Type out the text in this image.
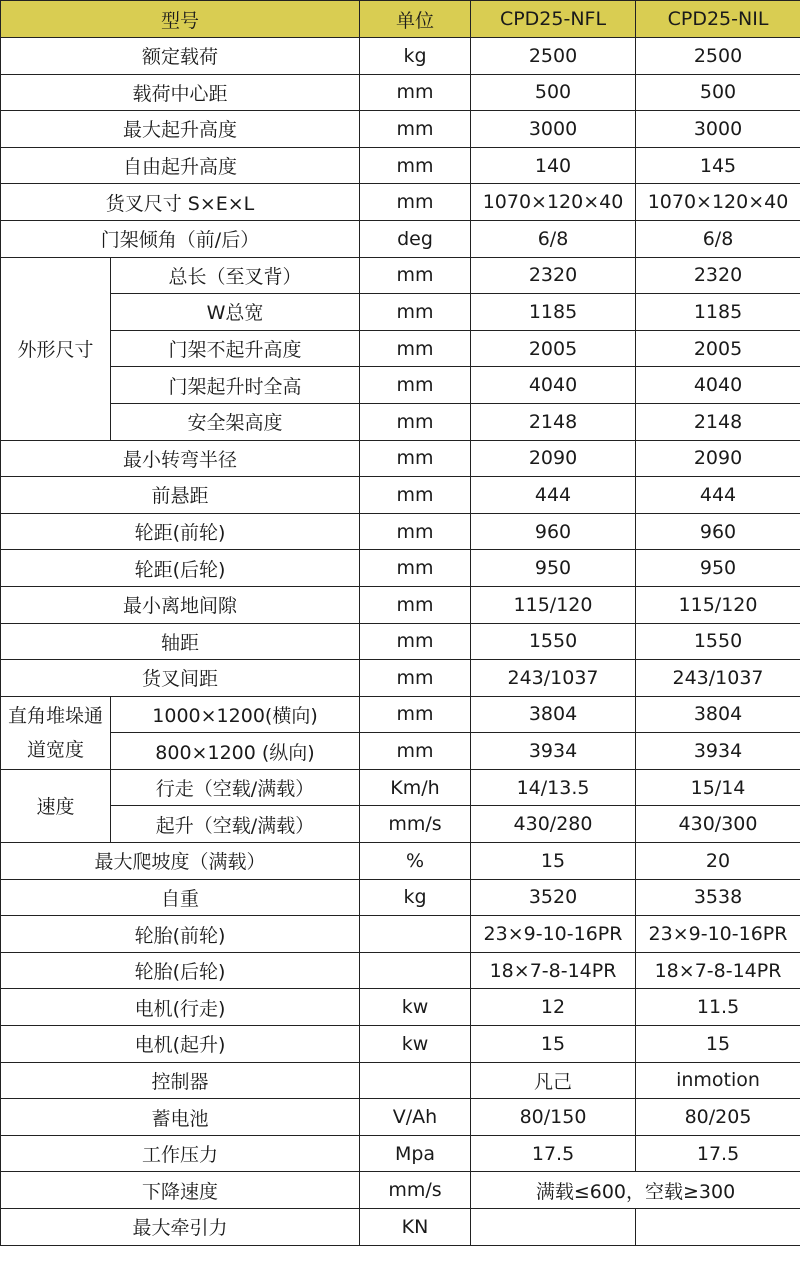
型号		单位	CPD25-NFL	CPD25-NIL
额定载荷		kg	2500	2500
载荷中心距		mm	500	500
最大起升高度		mm	3000	3000
自由起升高度		mm	140	145
货叉尺寸 S×E×L		mm	1070×120×40	1070×120×40
门架倾角（前/后）		deg	6/8	6/8
外形尺寸	总长（至叉背）	mm	2320	2320
	W总宽	mm	1185	1185
	门架不起升高度	mm	2005	2005
	门架起升时全高	mm	4040	4040
	安全架高度	mm	2148	2148
最小转弯半径		mm	2090	2090
前悬距		mm	444	444
轮距(前轮)		mm	960	960
轮距(后轮)		mm	950	950
最小离地间隙		mm	115/120	115/120
轴距		mm	1550	1550
货叉间距		mm	243/1037	243/1037
直角堆垛通道宽度	1000×1200(横向)	mm	3804	3804
	800×1200 (纵向)	mm	3934	3934
速度	行走（空载/满载）	Km/h	14/13.5	15/14
	起升（空载/满载）	mm/s	430/280	430/300
最大爬坡度（满载）		%	15	20
自重		kg	3520	3538
轮胎(前轮)			23×9-10-16PR	23×9-10-16PR
轮胎(后轮)			18×7-8-14PR	18×7-8-14PR
电机(行走)		kw	12	11.5
电机(起升)		kw	15	15
控制器			凡己	inmotion
蓄电池		V/Ah	80/150	80/205
工作压力		Mpa	17.5	17.5
下降速度		mm/s	满载≤600，空载≥300	
最大牵引力		KN		
